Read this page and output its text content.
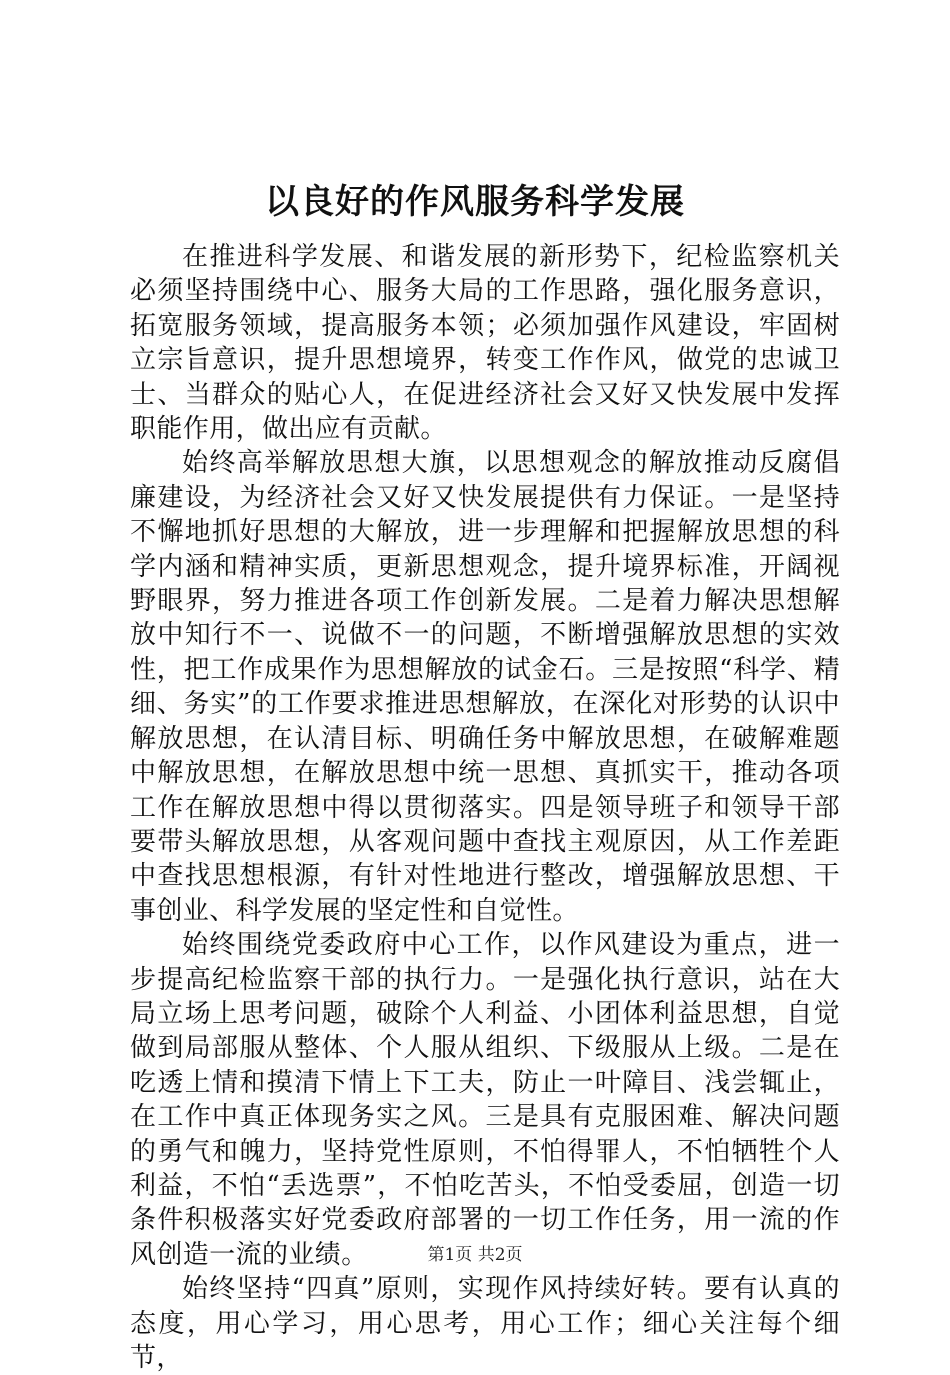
以良好的作风服务科学发展

在推进科学发展、和谐发展的新形势下，纪检监察机关必须坚持围绕中心、服务大局的工作思路，强化服务意识，拓宽服务领域，提高服务本领；必须加强作风建设，牢固树立宗旨意识，提升思想境界，转变工作作风，做党的忠诚卫士、当群众的贴心人，在促进经济社会又好又快发展中发挥职能作用，做出应有贡献。

始终高举解放思想大旗，以思想观念的解放推动反腐倡廉建设，为经济社会又好又快发展提供有力保证。一是坚持不懈地抓好思想的大解放，进一步理解和把握解放思想的科学内涵和精神实质，更新思想观念，提升境界标准，开阔视野眼界，努力推进各项工作创新发展。二是着力解决思想解放中知行不一、说做不一的问题，不断增强解放思想的实效性，把工作成果作为思想解放的试金石。三是按照“科学、精细、务实”的工作要求推进思想解放，在深化对形势的认识中解放思想，在认清目标、明确任务中解放思想，在破解难题中解放思想，在解放思想中统一思想、真抓实干，推动各项工作在解放思想中得以贯彻落实。四是领导班子和领导干部要带头解放思想，从客观问题中查找主观原因，从工作差距中查找思想根源，有针对性地进行整改，增强解放思想、干事创业、科学发展的坚定性和自觉性。

始终围绕党委政府中心工作，以作风建设为重点，进一步提高纪检监察干部的执行力。一是强化执行意识，站在大局立场上思考问题，破除个人利益、小团体利益思想，自觉做到局部服从整体、个人服从组织、下级服从上级。二是在吃透上情和摸清下情上下工夫，防止一叶障目、浅尝辄止，在工作中真正体现务实之风。三是具有克服困难、解决问题的勇气和魄力，坚持党性原则，不怕得罪人，不怕牺牲个人利益，不怕“丢选票”，不怕吃苦头，不怕受委屈，创造一切条件积极落实好党委政府部署的一切工作任务，用一流的作风创造一流的业绩。

始终坚持“四真”原则，实现作风持续好转。要有认真的态度，用心学习，用心思考，用心工作；细心关注每个细节，

第1页 共2页
